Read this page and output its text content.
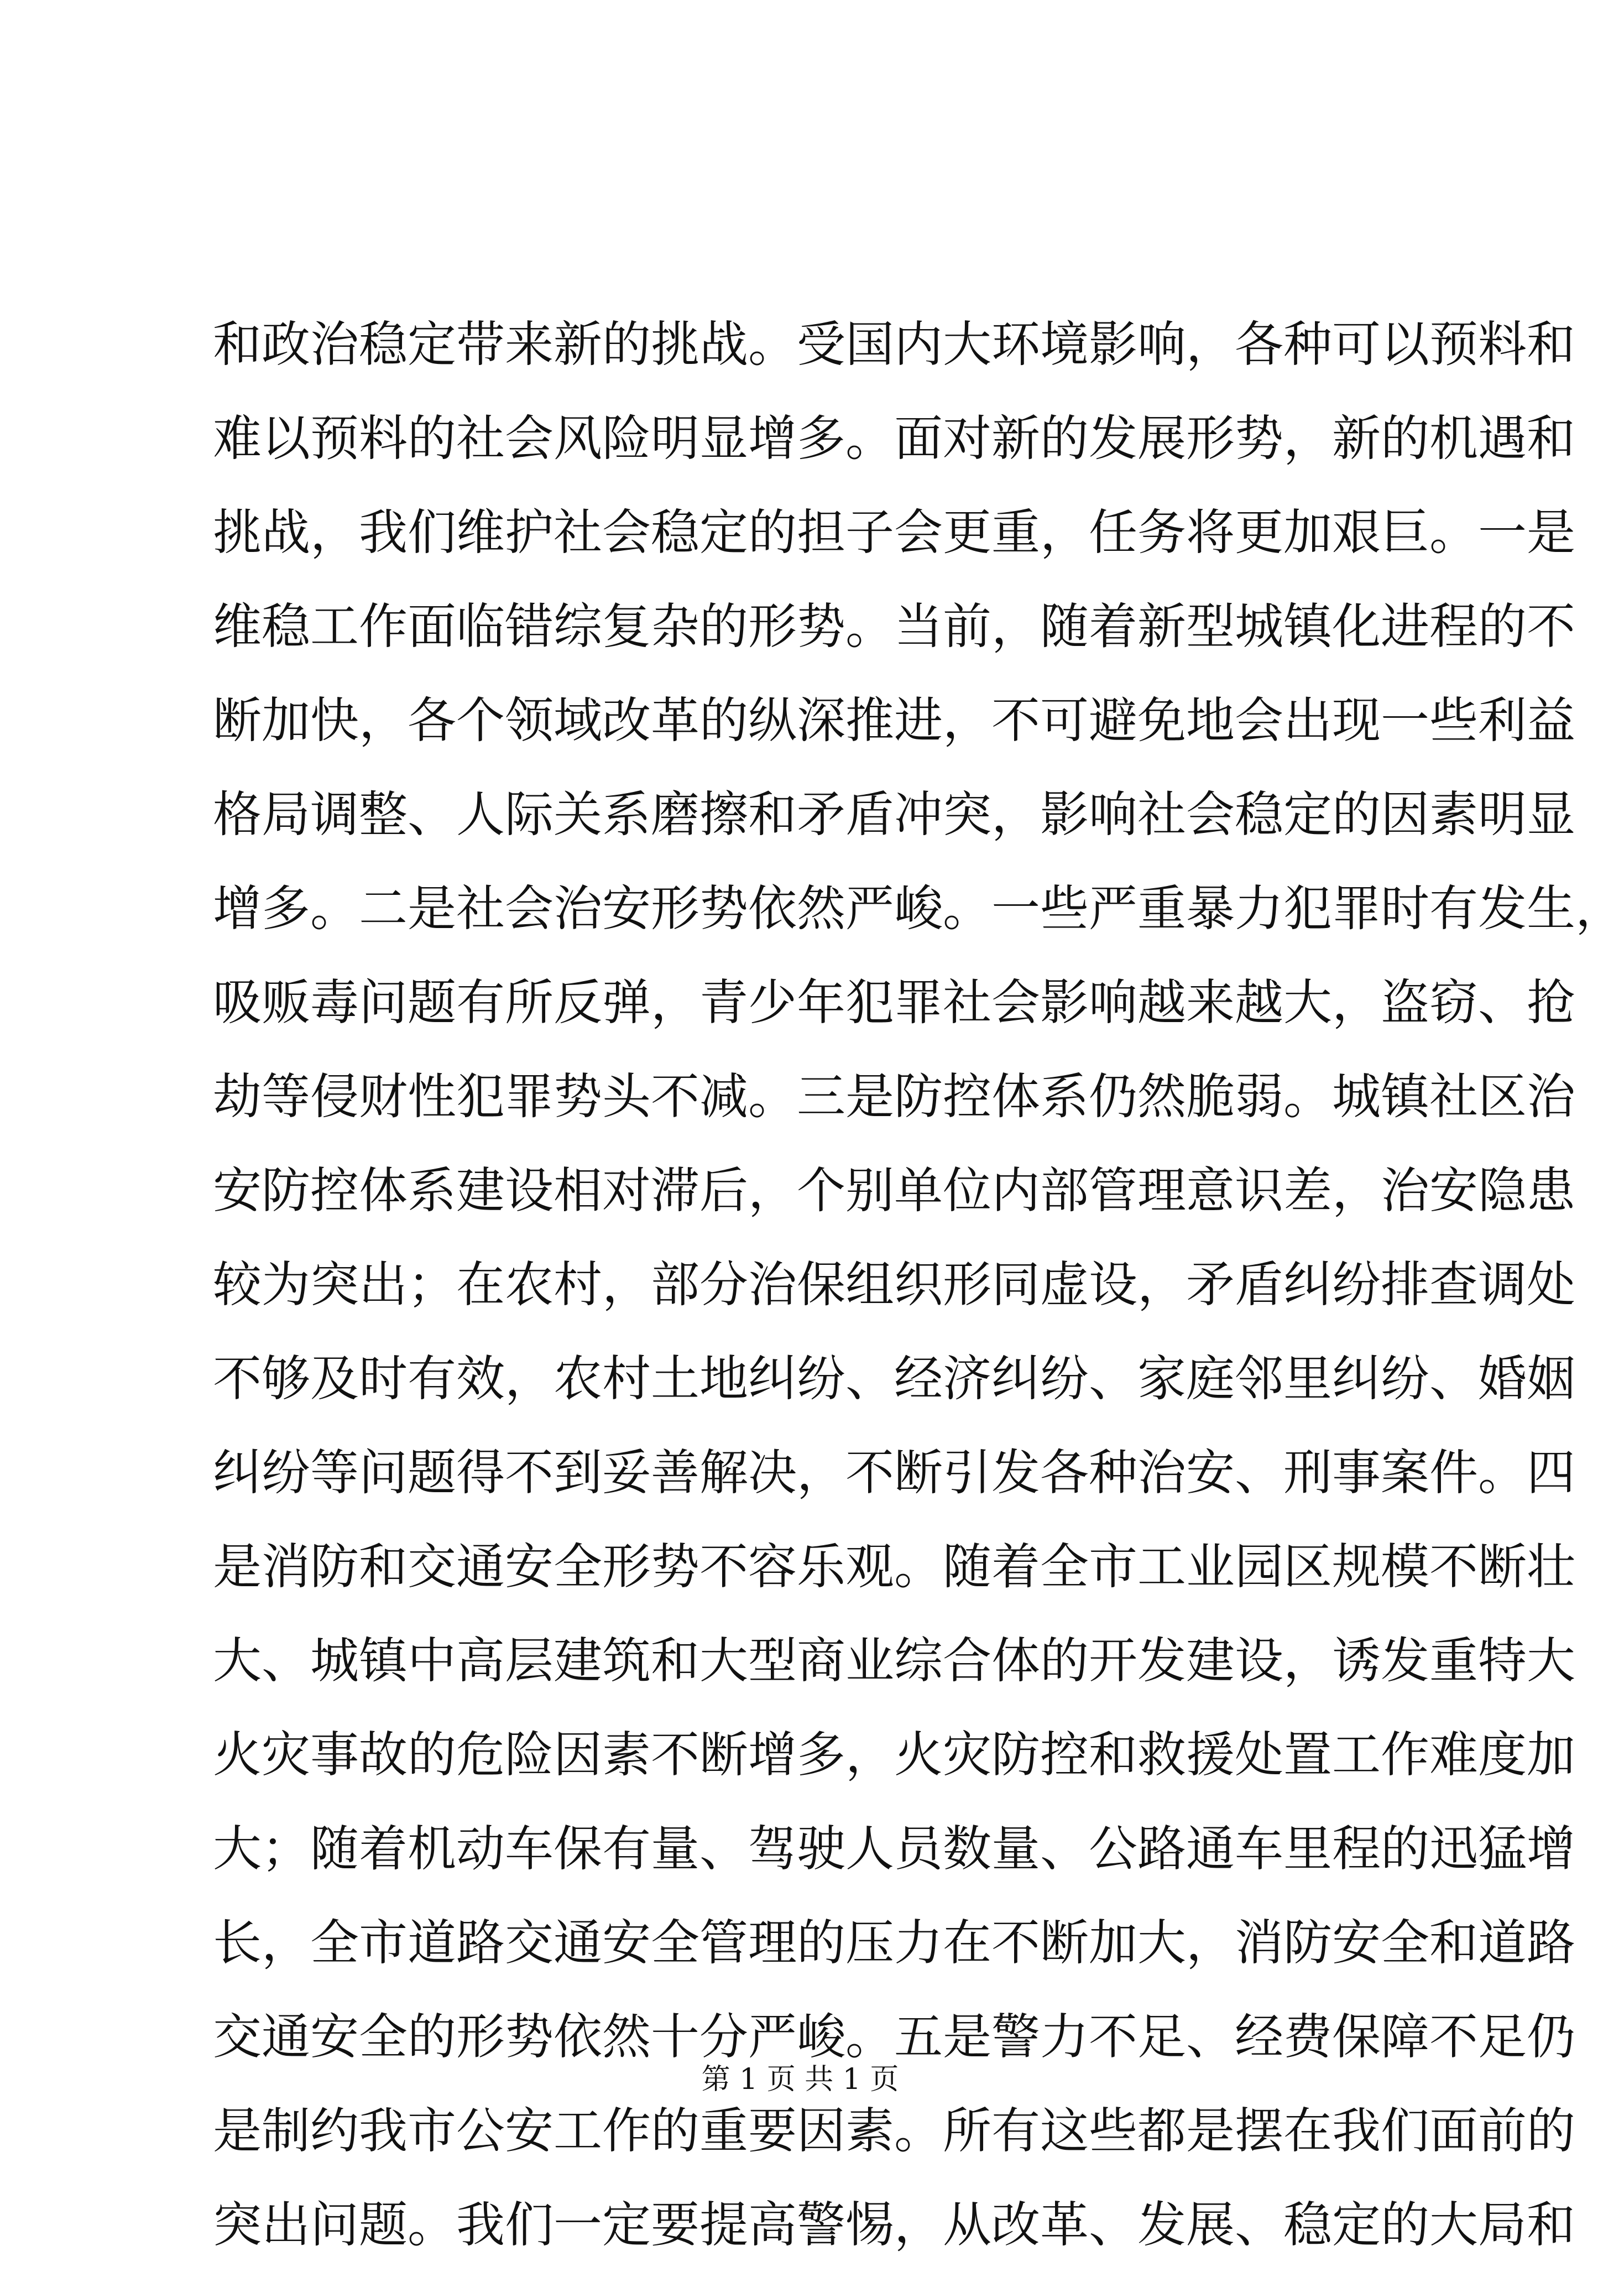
和政治稳定带来新的挑战。受国内大环境影响，各种可以预料和
难以预料的社会风险明显增多。面对新的发展形势，新的机遇和
挑战，我们维护社会稳定的担子会更重，任务将更加艰巨。一是
维稳工作面临错综复杂的形势。当前，随着新型城镇化进程的不
断加快，各个领域改革的纵深推进，不可避免地会出现一些利益
格局调整、人际关系磨擦和矛盾冲突，影响社会稳定的因素明显
增多。二是社会治安形势依然严峻。一些严重暴力犯罪时有发生，
吸贩毒问题有所反弹，青少年犯罪社会影响越来越大，盗窃、抢
劫等侵财性犯罪势头不减。三是防控体系仍然脆弱。城镇社区治
安防控体系建设相对滞后，个别单位内部管理意识差，治安隐患
较为突出；在农村，部分治保组织形同虚设，矛盾纠纷排查调处
不够及时有效，农村土地纠纷、经济纠纷、家庭邻里纠纷、婚姻
纠纷等问题得不到妥善解决，不断引发各种治安、刑事案件。四
是消防和交通安全形势不容乐观。随着全市工业园区规模不断壮
大、城镇中高层建筑和大型商业综合体的开发建设，诱发重特大
火灾事故的危险因素不断增多，火灾防控和救援处置工作难度加
大；随着机动车保有量、驾驶人员数量、公路通车里程的迅猛增
长，全市道路交通安全管理的压力在不断加大，消防安全和道路
交通安全的形势依然十分严峻。五是警力不足、经费保障不足仍
是制约我市公安工作的重要因素。所有这些都是摆在我们面前的
突出问题。我们一定要提高警惕，从改革、发展、稳定的大局和
第 1 页 共 1 页
